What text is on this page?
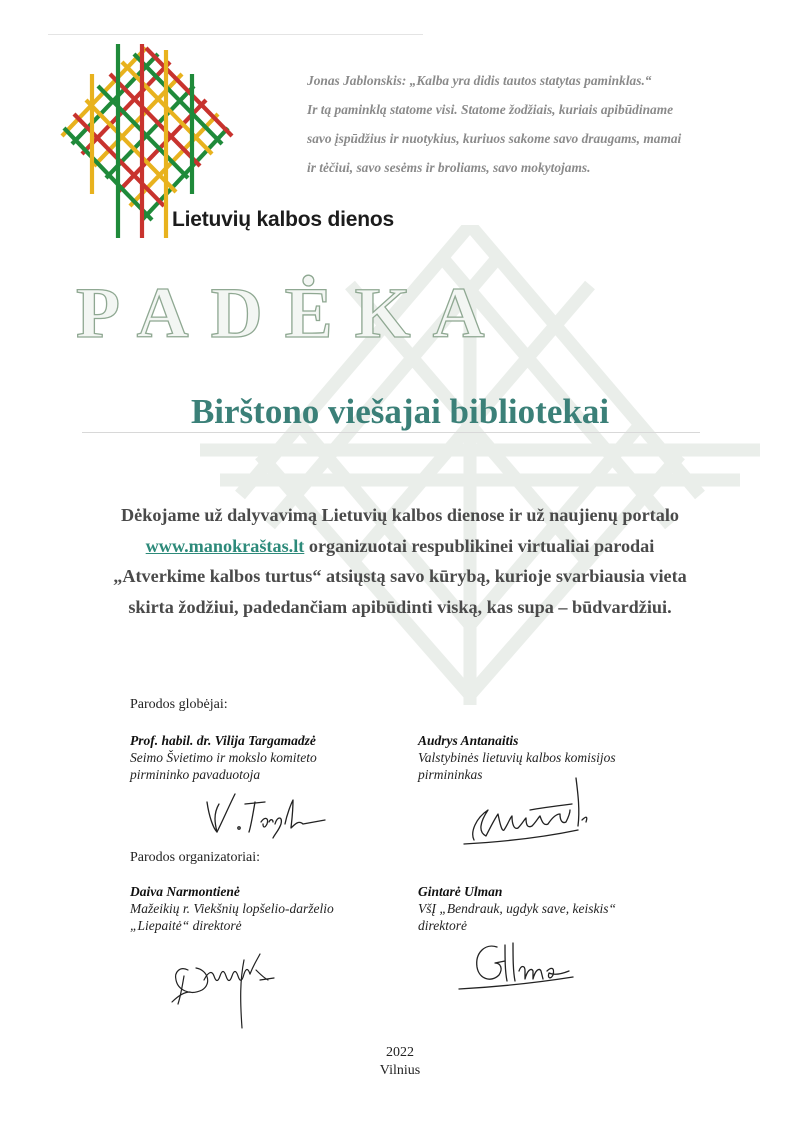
Lietuvių kalbos dienos
Jonas Jablonskis: „Kalba yra didis tautos statytas paminklas.“
Ir tą paminklą statome visi. Statome žodžiais, kuriais apibūdiname
savo įspūdžius ir nuotykius, kuriuos sakome savo draugams, mamai
ir tėčiui, savo sesėms ir broliams, savo mokytojams.
PADĖKA
Birštono viešajai bibliotekai
Dėkojame už dalyvavimą Lietuvių kalbos dienose ir už naujienų portalo
www.manokraštas.lt organizuotai respublikinei virtualiai parodai
„Atverkime kalbos turtus“ atsiųstą savo kūrybą, kurioje svarbiausia vieta
skirta žodžiui, padedančiam apibūdinti viską, kas supa – būdvardžiui.
Parodos globėjai:
Prof. habil. dr. Vilija Targamadzė
Seimo Švietimo ir mokslo komiteto
pirmininko pavaduotoja
Audrys Antanaitis
Valstybinės lietuvių kalbos komisijos
pirmininkas
Parodos organizatoriai:
Daiva Narmontienė
Mažeikių r. Viekšnių lopšelio-darželio
„Liepaitė“ direktorė
Gintarė Ulman
VšĮ „Bendrauk, ugdyk save, keiskis“
direktorė
2022
Vilnius
